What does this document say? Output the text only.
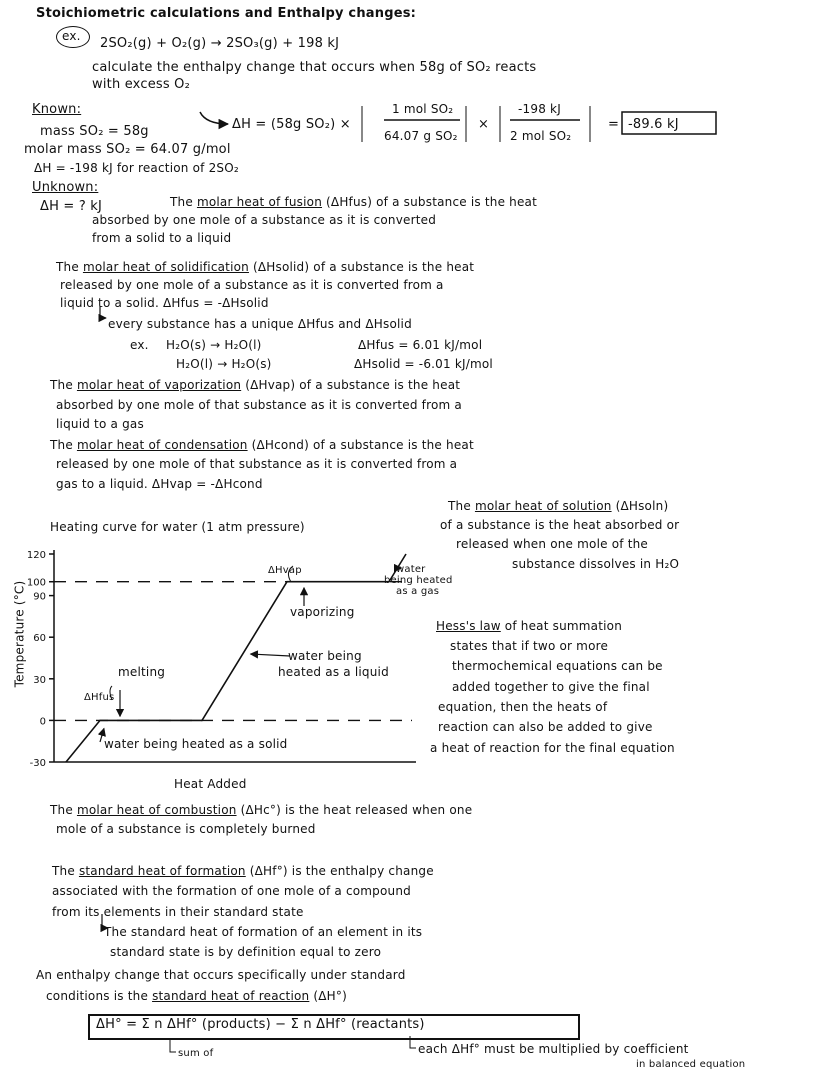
Stoichiometric calculations and Enthalpy changes:
ex. 2SO₂(g) + O₂(g) → 2SO₃(g) + 198 kJ
calculate the enthalpy change that occurs when 58g of SO₂ reacts
with excess O₂
Known:
mass SO₂ = 58g
molar mass SO₂ = 64.07 g/mol
ΔH = -198 kJ for reaction of 2SO₂
Unknown:
ΔH = ? kJ
ΔH = (58g SO₂) ×
1 mol SO₂
64.07 g SO₂
×
-198 kJ
2 mol SO₂
= -89.6 kJ
The molar heat of fusion (ΔHfus) of a substance is the heat
absorbed by one mole of a substance as it is converted
from a solid to a liquid
The molar heat of solidification (ΔHsolid) of a substance is the heat
released by one mole of a substance as it is converted from a
liquid to a solid. ΔHfus = -ΔHsolid
every substance has a unique ΔHfus and ΔHsolid
ex. H₂O(s) → H₂O(l)	ΔHfus = 6.01 kJ/mol
H₂O(l) → H₂O(s)	ΔHsolid = -6.01 kJ/mol
The molar heat of vaporization (ΔHvap) of a substance is the heat
absorbed by one mole of that substance as it is converted from a
liquid to a gas
The molar heat of condensation (ΔHcond) of a substance is the heat
released by one mole of that substance as it is converted from a
gas to a liquid. ΔHvap = -ΔHcond
The molar heat of solution (ΔHsoln)
of a substance is the heat absorbed or
released when one mole of the
substance dissolves in H₂O
Heating curve for water (1 atm pressure)
Temperature (°C)
Heat Added
120
100
90
60
30
0
-30
melting
ΔHfus
water being heated as a solid
water being
heated as a liquid
ΔHvap
vaporizing
water
being heated
as a gas
Hess's law of heat summation
states that if two or more
thermochemical equations can be
added together to give the final
equation, then the heats of
reaction can also be added to give
a heat of reaction for the final equation
The molar heat of combustion (ΔHc°) is the heat released when one
mole of a substance is completely burned
The standard heat of formation (ΔHf°) is the enthalpy change
associated with the formation of one mole of a compound
from its elements in their standard state
The standard heat of formation of an element in its
standard state is by definition equal to zero
An enthalpy change that occurs specifically under standard
conditions is the standard heat of reaction (ΔH°)
ΔH° = Σ n ΔHf° (products) − Σ n ΔHf° (reactants)
sum of	each ΔHf° must be multiplied by coefficient
in balanced equation
